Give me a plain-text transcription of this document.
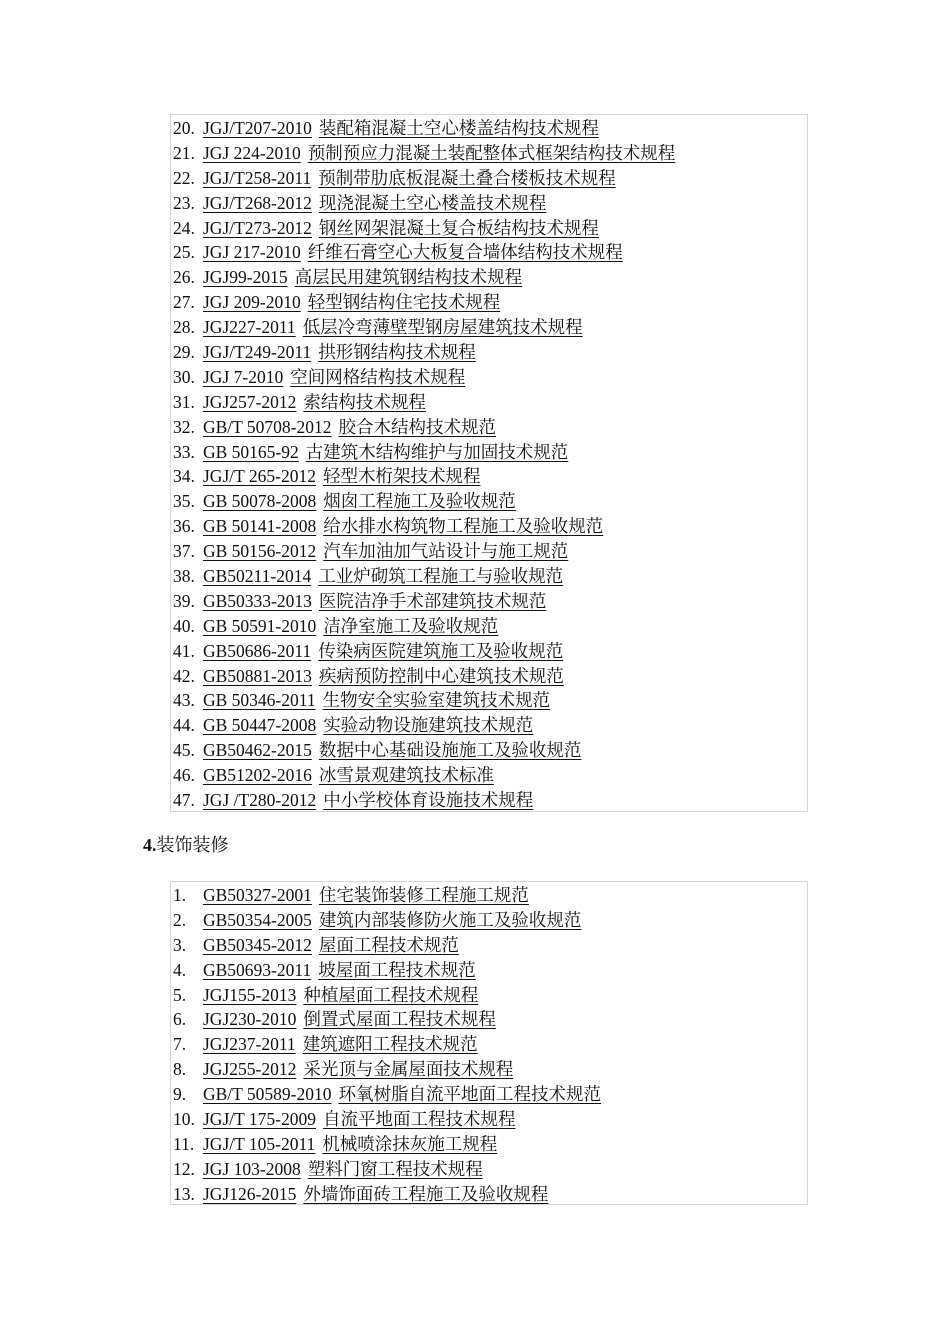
20. JGJ/T207-2010 装配箱混凝土空心楼盖结构技术规程
21. JGJ 224-2010 预制预应力混凝土装配整体式框架结构技术规程
22. JGJ/T258-2011 预制带肋底板混凝土叠合楼板技术规程
23. JGJ/T268-2012 现浇混凝土空心楼盖技术规程
24. JGJ/T273-2012 钢丝网架混凝土复合板结构技术规程
25. JGJ 217-2010 纤维石膏空心大板复合墙体结构技术规程
26. JGJ99-2015 高层民用建筑钢结构技术规程
27. JGJ 209-2010 轻型钢结构住宅技术规程
28. JGJ227-2011 低层冷弯薄壁型钢房屋建筑技术规程
29. JGJ/T249-2011 拱形钢结构技术规程
30. JGJ 7-2010 空间网格结构技术规程
31. JGJ257-2012 索结构技术规程
32. GB/T 50708-2012 胶合木结构技术规范
33. GB 50165-92 古建筑木结构维护与加固技术规范
34. JGJ/T 265-2012 轻型木桁架技术规程
35. GB 50078-2008 烟囱工程施工及验收规范
36. GB 50141-2008 给水排水构筑物工程施工及验收规范
37. GB 50156-2012 汽车加油加气站设计与施工规范
38. GB50211-2014 工业炉砌筑工程施工与验收规范
39. GB50333-2013 医院洁净手术部建筑技术规范
40. GB 50591-2010 洁净室施工及验收规范
41. GB50686-2011 传染病医院建筑施工及验收规范
42. GB50881-2013 疾病预防控制中心建筑技术规范
43. GB 50346-2011 生物安全实验室建筑技术规范
44. GB 50447-2008 实验动物设施建筑技术规范
45. GB50462-2015 数据中心基础设施施工及验收规范
46. GB51202-2016 冰雪景观建筑技术标准
47. JGJ /T280-2012 中小学校体育设施技术规程
4.装饰装修
1. GB50327-2001 住宅装饰装修工程施工规范
2. GB50354-2005 建筑内部装修防火施工及验收规范
3. GB50345-2012 屋面工程技术规范
4. GB50693-2011 坡屋面工程技术规范
5. JGJ155-2013 种植屋面工程技术规程
6. JGJ230-2010 倒置式屋面工程技术规程
7. JGJ237-2011 建筑遮阳工程技术规范
8. JGJ255-2012 采光顶与金属屋面技术规程
9. GB/T 50589-2010 环氧树脂自流平地面工程技术规范
10. JGJ/T 175-2009 自流平地面工程技术规程
11. JGJ/T 105-2011 机械喷涂抹灰施工规程
12. JGJ 103-2008 塑料门窗工程技术规程
13. JGJ126-2015 外墙饰面砖工程施工及验收规程
